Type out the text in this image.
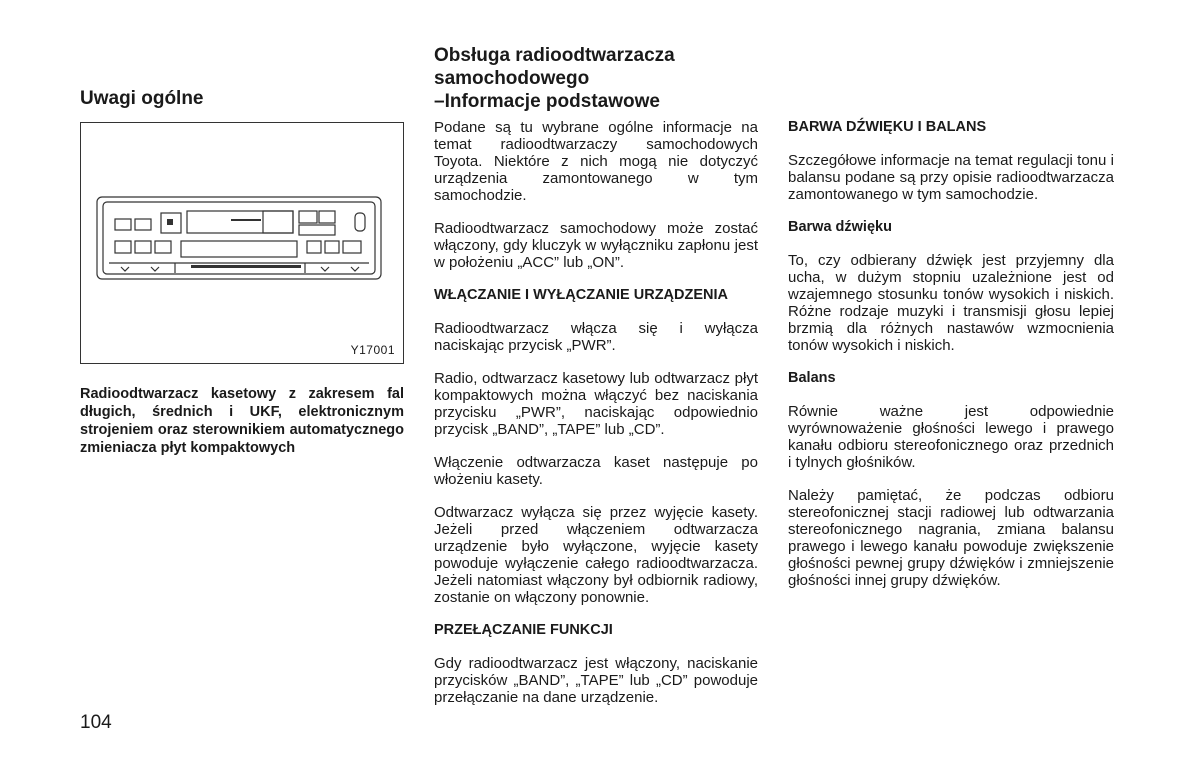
Uwagi ogólne
Y17001
Radioodtwarzacz kasetowy z zakresem fal długich, średnich i UKF, elektronicznym strojeniem oraz sterownikiem automatycznego zmieniacza płyt kompaktowych
Obsługa radioodtwarzacza
samochodowego
–Informacje podstawowe

Podane są tu wybrane ogólne informacje na temat radioodtwarzaczy samochodowych Toyota. Niektóre z nich mogą nie dotyczyć urządzenia zamontowanego w tym samochodzie.

Radioodtwarzacz samochodowy może zostać włączony, gdy kluczyk w wyłączniku zapłonu jest w położeniu „ACC” lub „ON”.

WŁĄCZANIE I WYŁĄCZANIE URZĄDZENIA

Radioodtwarzacz włącza się i wyłącza naciskając przycisk „PWR”.

Radio, odtwarzacz kasetowy lub odtwarzacz płyt kompaktowych można włączyć bez naciskania przycisku „PWR”, naciskając odpowiednio przycisk „BAND”, „TAPE” lub „CD”.

Włączenie odtwarzacza kaset następuje po włożeniu kasety.

Odtwarzacz wyłącza się przez wyjęcie kasety. Jeżeli przed włączeniem odtwarzacza urządzenie było wyłączone, wyjęcie kasety powoduje wyłączenie całego radioodtwarzacza. Jeżeli natomiast włączony był odbiornik radiowy, zostanie on włączony ponownie.

PRZEŁĄCZANIE FUNKCJI

Gdy radioodtwarzacz jest włączony, naciskanie przycisków „BAND”, „TAPE” lub „CD” powoduje przełączanie na dane urządzenie.

BARWA DŹWIĘKU I BALANS

Szczegółowe informacje na temat regulacji tonu i balansu podane są przy opisie radioodtwarzacza zamontowanego w tym samochodzie.

Barwa dźwięku

To, czy odbierany dźwięk jest przyjemny dla ucha, w dużym stopniu uzależnione jest od wzajemnego stosunku tonów wysokich i niskich. Różne rodzaje muzyki i transmisji głosu lepiej brzmią dla różnych nastawów wzmocnienia tonów wysokich i niskich.

Balans

Równie ważne jest odpowiednie wyrównoważenie głośności lewego i prawego kanału odbioru stereofonicznego oraz przednich i tylnych głośników.

Należy pamiętać, że podczas odbioru stereofonicznej stacji radiowej lub odtwarzania stereofonicznego nagrania, zmiana balansu prawego i lewego kanału powoduje zwiększenie głośności pewnej grupy dźwięków i zmniejszenie głośności innej grupy dźwięków.

104
